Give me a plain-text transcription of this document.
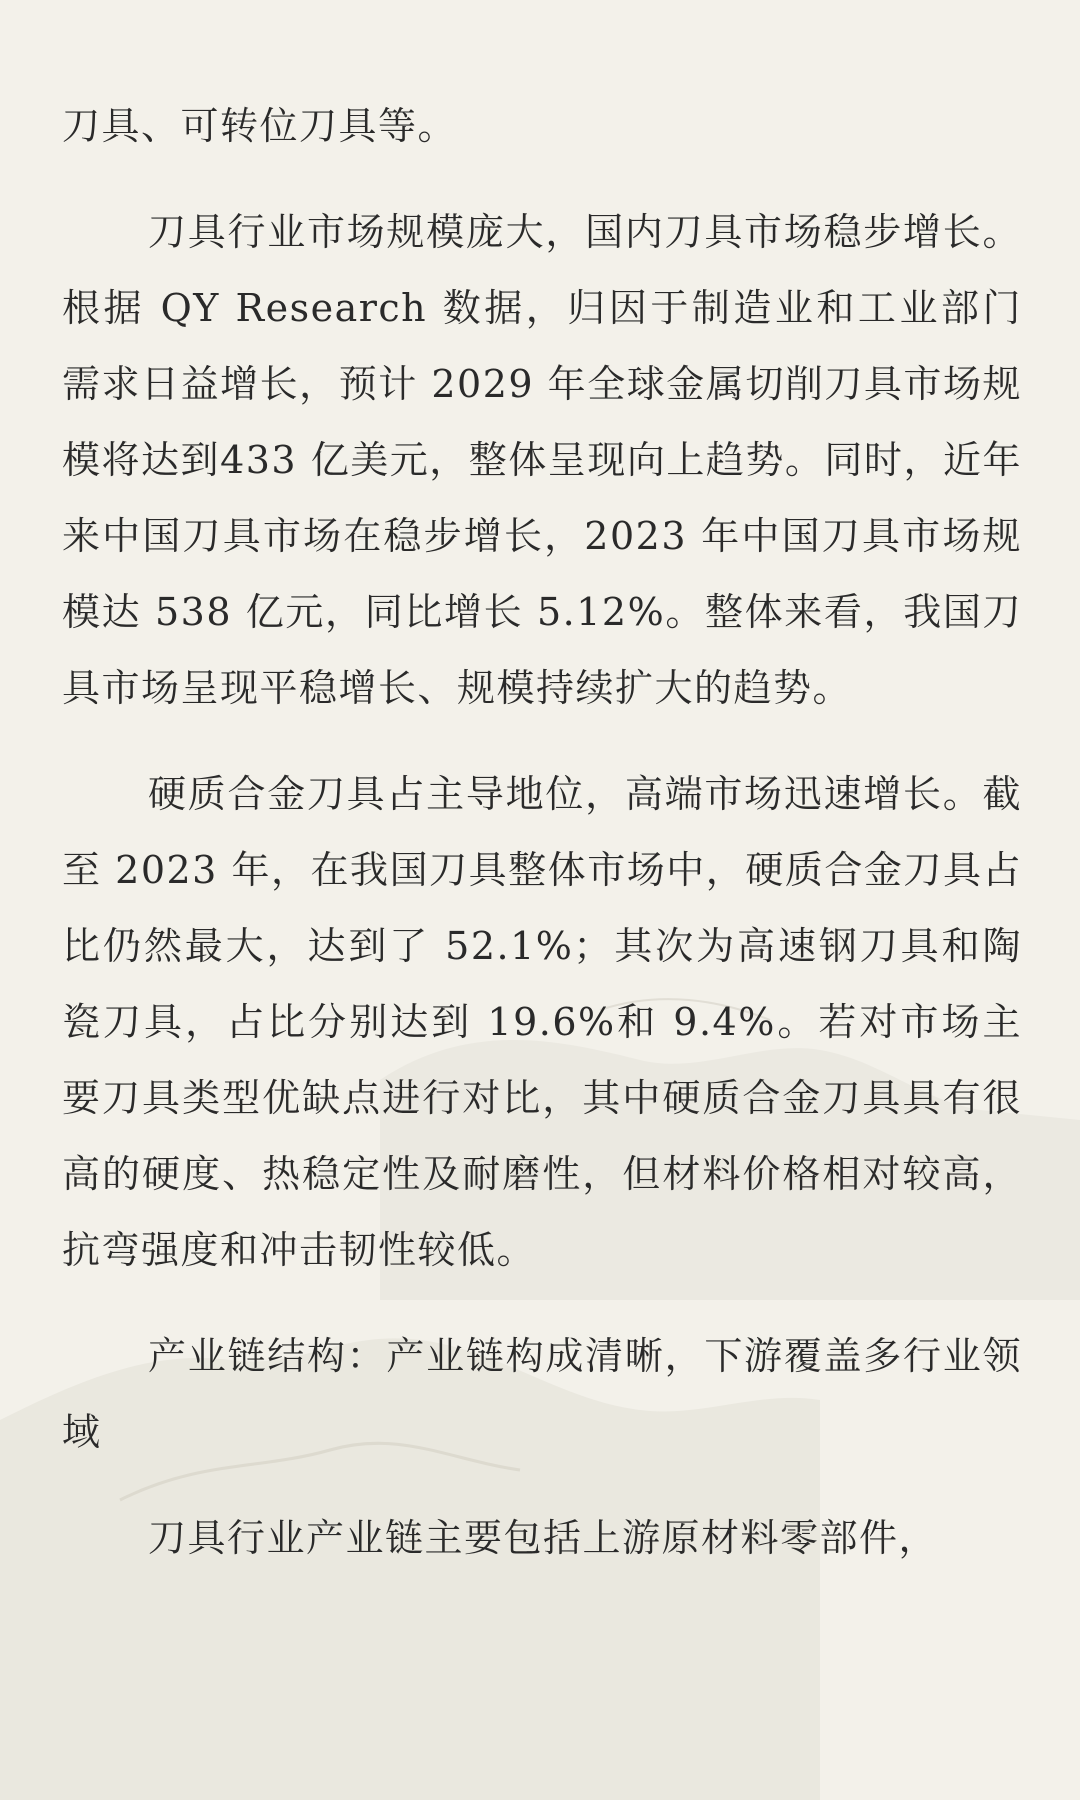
刀具、可转位刀具等。

刀具行业市场规模庞大，国内刀具市场稳步增长。根据 QY Research 数据，归因于制造业和工业部门需求日益增长，预计 2029 年全球金属切削刀具市场规模将达到433 亿美元，整体呈现向上趋势。同时，近年来中国刀具市场在稳步增长，2023 年中国刀具市场规模达 538 亿元，同比增长 5.12%。整体来看，我国刀具市场呈现平稳增长、规模持续扩大的趋势。

硬质合金刀具占主导地位，高端市场迅速增长。截至 2023 年，在我国刀具整体市场中，硬质合金刀具占比仍然最大，达到了 52.1%；其次为高速钢刀具和陶瓷刀具，占比分别达到 19.6%和 9.4%。若对市场主要刀具类型优缺点进行对比，其中硬质合金刀具具有很高的硬度、热稳定性及耐磨性，但材料价格相对较高，抗弯强度和冲击韧性较低。

产业链结构：产业链构成清晰，下游覆盖多行业领域

刀具行业产业链主要包括上游原材料零部件，
